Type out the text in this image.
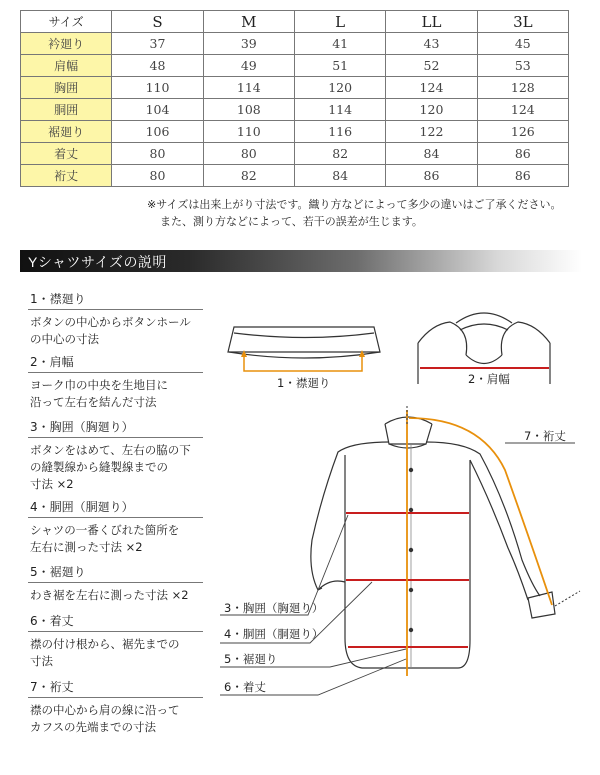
サイズ	S	M	L	LL	3L
衿廻り	37	39	41	43	45
肩幅	48	49	51	52	53
胸囲	110	114	120	124	128
胴囲	104	108	114	120	124
裾廻り	106	110	116	122	126
着丈	80	80	82	84	86
裄丈	80	82	84	86	86
※サイズは出来上がり寸法です。織り方などによって多少の違いはご了承ください。
また、測り方などによって、若干の誤差が生じます。
Yシャツサイズの説明
1・襟廻り
ボタンの中心からボタンホール
の中心の寸法
2・肩幅
ヨーク巾の中央を生地目に
沿って左右を結んだ寸法
3・胸囲（胸廻り）
ボタンをはめて、左右の脇の下
の縫製線から縫製線までの
寸法 ×2
4・胴囲（胴廻り）
シャツの一番くびれた箇所を
左右に測った寸法 ×2
5・裾廻り
わき裾を左右に測った寸法 ×2
6・着丈
襟の付け根から、裾先までの
寸法
7・裄丈
襟の中心から肩の線に沿って
カフスの先端までの寸法
1・襟廻り	2・肩幅
7・裄丈
3・胸囲（胸廻り）
4・胴囲（胴廻り）
5・裾廻り
6・着丈
